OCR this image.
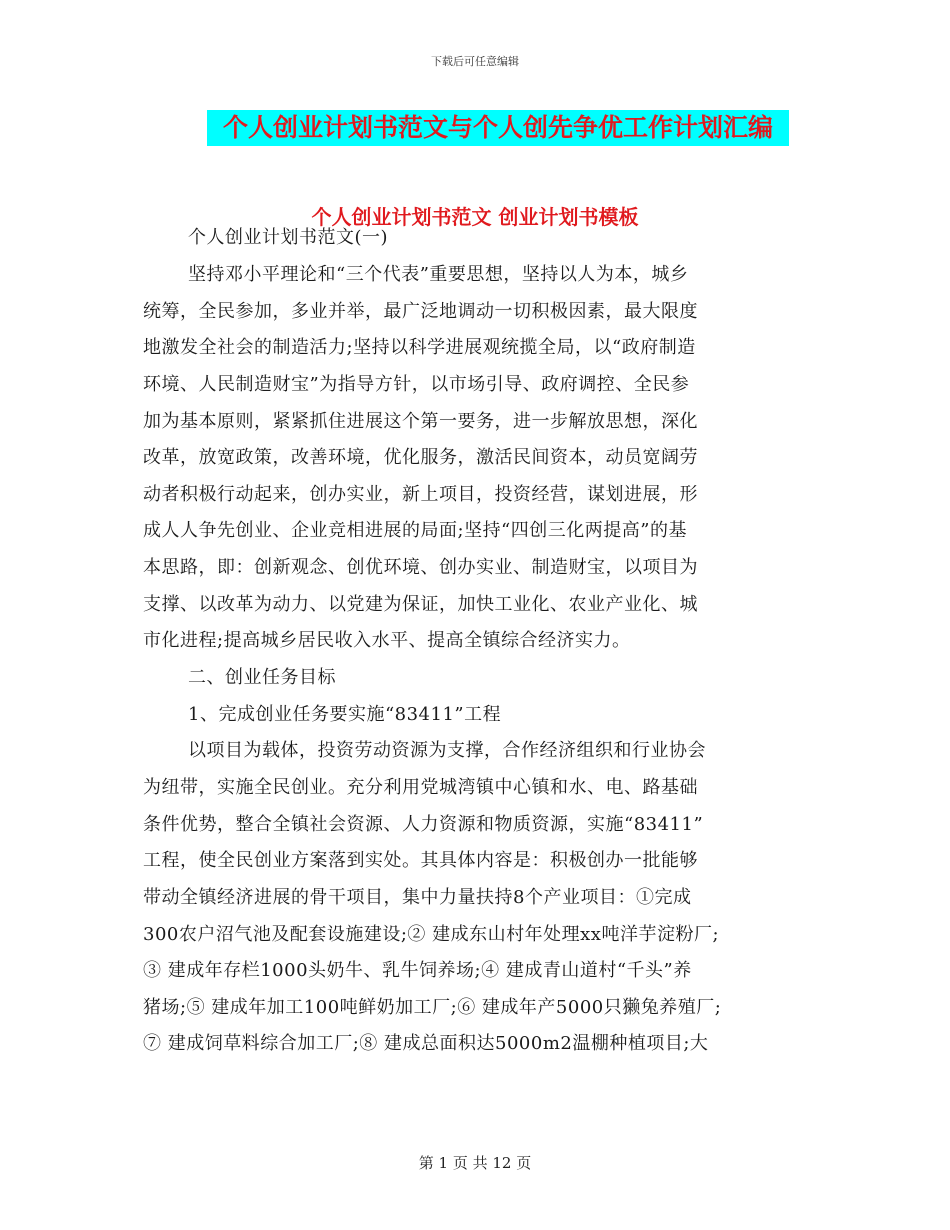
下载后可任意编辑
个人创业计划书范文与个人创先争优工作计划汇编
个人创业计划书范文 创业计划书模板
个人创业计划书范文(一)
坚持邓小平理论和“三个代表”重要思想，坚持以人为本，城乡
统筹，全民参加，多业并举，最广泛地调动一切积极因素，最大限度
地激发全社会的制造活力;坚持以科学进展观统揽全局，以“政府制造
环境、人民制造财宝”为指导方针，以市场引导、政府调控、全民参
加为基本原则，紧紧抓住进展这个第一要务，进一步解放思想，深化
改革，放宽政策，改善环境，优化服务，激活民间资本，动员宽阔劳
动者积极行动起来，创办实业，新上项目，投资经营，谋划进展，形
成人人争先创业、企业竞相进展的局面;坚持“四创三化两提高”的基
本思路，即：创新观念、创优环境、创办实业、制造财宝，以项目为
支撑、以改革为动力、以党建为保证，加快工业化、农业产业化、城
市化进程;提高城乡居民收入水平、提高全镇综合经济实力。
二、创业任务目标
1、完成创业任务要实施“83411”工程
以项目为载体，投资劳动资源为支撑，合作经济组织和行业协会
为纽带，实施全民创业。充分利用党城湾镇中心镇和水、电、路基础
条件优势，整合全镇社会资源、人力资源和物质资源，实施“83411”
工程，使全民创业方案落到实处。其具体内容是：积极创办一批能够
带动全镇经济进展的骨干项目，集中力量扶持8个产业项目：①完成
300农户沼气池及配套设施建设;② 建成东山村年处理xx吨洋芋淀粉厂;
③ 建成年存栏1000头奶牛、乳牛饲养场;④ 建成青山道村“千头”养
猪场;⑤ 建成年加工100吨鲜奶加工厂;⑥ 建成年产5000只獭兔养殖厂;
⑦ 建成饲草料综合加工厂;⑧ 建成总面积达5000m2温棚种植项目;大
第 1 页 共 12 页
